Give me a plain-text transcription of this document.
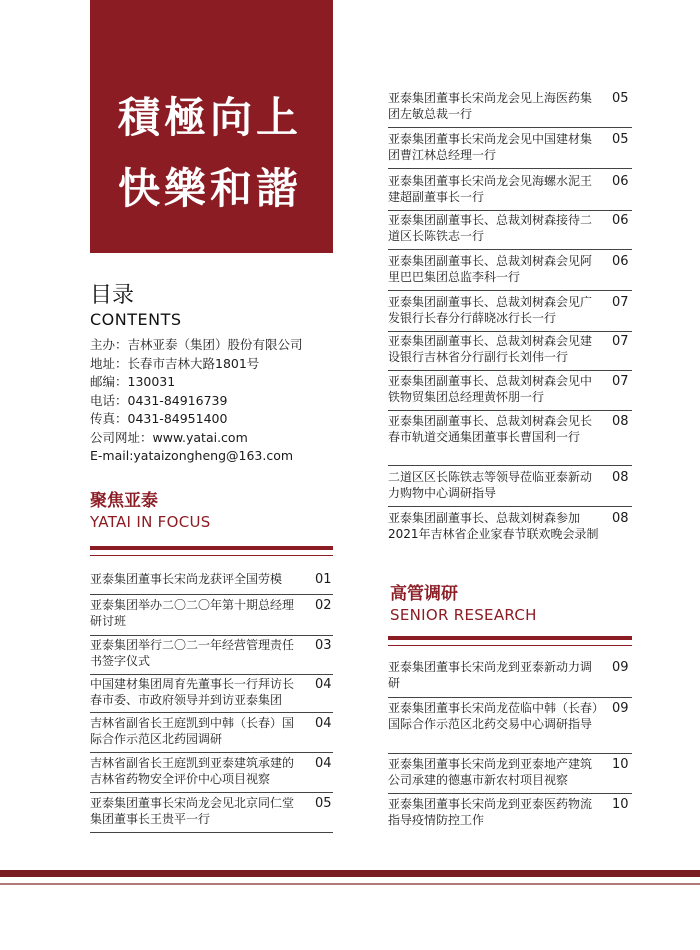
積極向上
快樂和諧
目录
CONTENTS
主办：吉林亚泰（集团）股份有限公司
地址：长春市吉林大路1801号
邮编：130031
电话：0431-84916739
传真：0431-84951400
公司网址：www.yatai.com
E-mail:yataizongheng@163.com
聚焦亚泰
YATAI IN FOCUS
亚泰集团董事长宋尚龙获评全国劳模	01
亚泰集团举办二〇二〇年第十期总经理研讨班
02
亚泰集团举行二〇二一年经营管理责任书签字仪式
03
中国建材集团周育先董事长一行拜访长春市委、市政府领导并到访亚泰集团
04
吉林省副省长王庭凯到中韩（长春）国际合作示范区北药园调研
04
吉林省副省长王庭凯到亚泰建筑承建的吉林省药物安全评价中心项目视察
04
亚泰集团董事长宋尚龙会见北京同仁堂集团董事长王贵平一行
05
亚泰集团董事长宋尚龙会见上海医药集团左敏总裁一行
05
亚泰集团董事长宋尚龙会见中国建材集团曹江林总经理一行
05
亚泰集团董事长宋尚龙会见海螺水泥王建超副董事长一行
06
亚泰集团副董事长、总裁刘树森接待二道区长陈铁志一行
06
亚泰集团副董事长、总裁刘树森会见阿里巴巴集团总监李科一行
06
亚泰集团副董事长、总裁刘树森会见广发银行长春分行薛晓冰行长一行
07
亚泰集团副董事长、总裁刘树森会见建设银行吉林省分行副行长刘伟一行
07
亚泰集团副董事长、总裁刘树森会见中铁物贸集团总经理黄怀朋一行
07
亚泰集团副董事长、总裁刘树森会见长春市轨道交通集团董事长曹国利一行
08
二道区区长陈铁志等领导莅临亚泰新动力购物中心调研指导
08
亚泰集团副董事长、总裁刘树森参加2021年吉林省企业家春节联欢晚会录制
08
高管调研
SENIOR RESEARCH
亚泰集团董事长宋尚龙到亚泰新动力调研
09
亚泰集团董事长宋尚龙莅临中韩（长春）国际合作示范区北药交易中心调研指导
09
亚泰集团董事长宋尚龙到亚泰地产建筑公司承建的德惠市新农村项目视察
10
亚泰集团董事长宋尚龙到亚泰医药物流指导疫情防控工作
10
